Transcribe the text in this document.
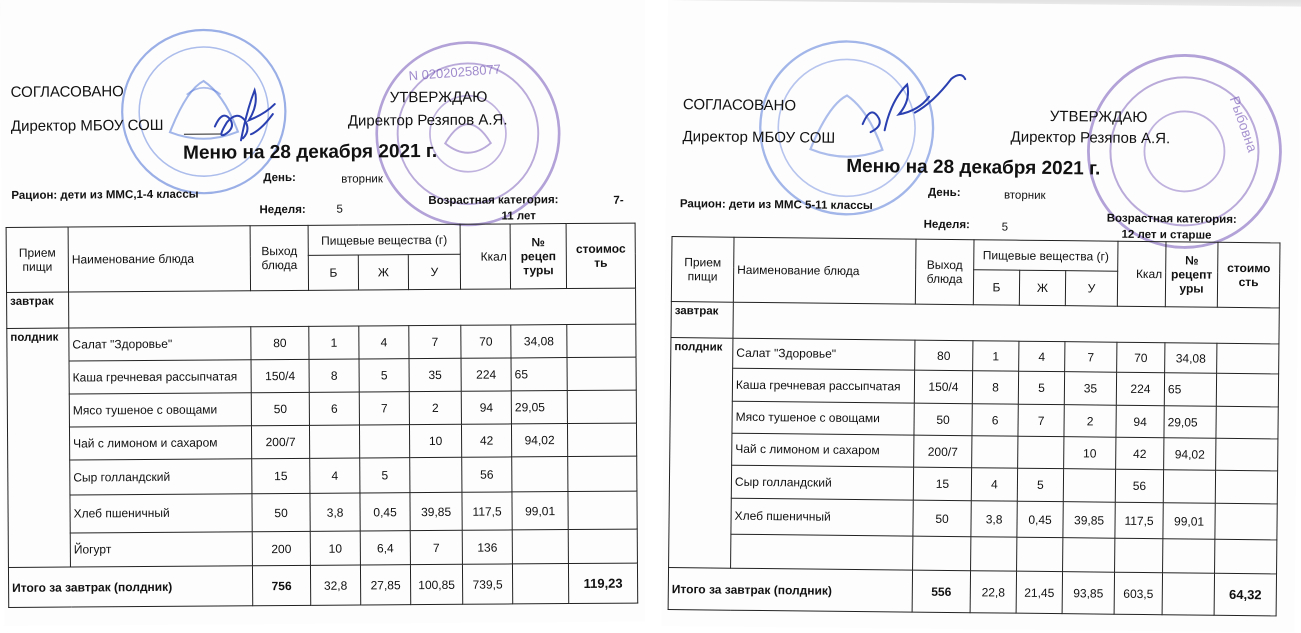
N 02020258077
СОГЛАСОВАНО
Директор МБОУ СОШ
УТВЕРЖДАЮ
Директор Резяпов А.Я.
Меню на 28 декабря 2021 г.
День:	вторник
Рацион: дети из ММС,1-4 классы
Неделя:	5
Возрастная категория:	7-
11 лет
Прием пищи	Наименование блюда	Выход блюда	Пищевые вещества (г)			Ккал	№ рецеп туры	стоимос ть
			Б	Ж	У			
завтрак								
полдник	Салат "Здоровье"	80	1	4	7	70	34,08	
	Каша гречневая рассыпчатая	150/4	8	5	35	224	65	
	Мясо тушеное с овощами	50	6	7	2	94	29,05	
	Чай с лимоном и сахаром	200/7			10	42	94,02	
	Сыр голландский	15	4	5		56		
	Хлеб пшеничный	50	3,8	0,45	39,85	117,5	99,01	
	Йогурт	200	10	6,4	7	136		
Итого за завтрак (полдник)		756	32,8	27,85	100,85	739,5		119,23
Рыбовна
СОГЛАСОВАНО
Директор МБОУ СОШ
УТВЕРЖДАЮ
Директор Резяпов А.Я.
Меню на 28 декабря 2021 г.
День:	вторник
Рацион: дети из ММС 5-11 классы
Неделя:	5
Возрастная категория:
12 лет и старше
Прием пищи	Наименование блюда	Выход блюда	Пищевые вещества (г)			Ккал	№ рецепт уры	стоимо сть
			Б	Ж	У			
завтрак								
полдник	Салат "Здоровье"	80	1	4	7	70	34,08	
	Каша гречневая рассыпчатая	150/4	8	5	35	224	65	
	Мясо тушеное с овощами	50	6	7	2	94	29,05	
	Чай с лимоном и сахаром	200/7			10	42	94,02	
	Сыр голландский	15	4	5		56		
	Хлеб пшеничный	50	3,8	0,45	39,85	117,5	99,01	

Итого за завтрак (полдник)		556	22,8	21,45	93,85	603,5		64,32
